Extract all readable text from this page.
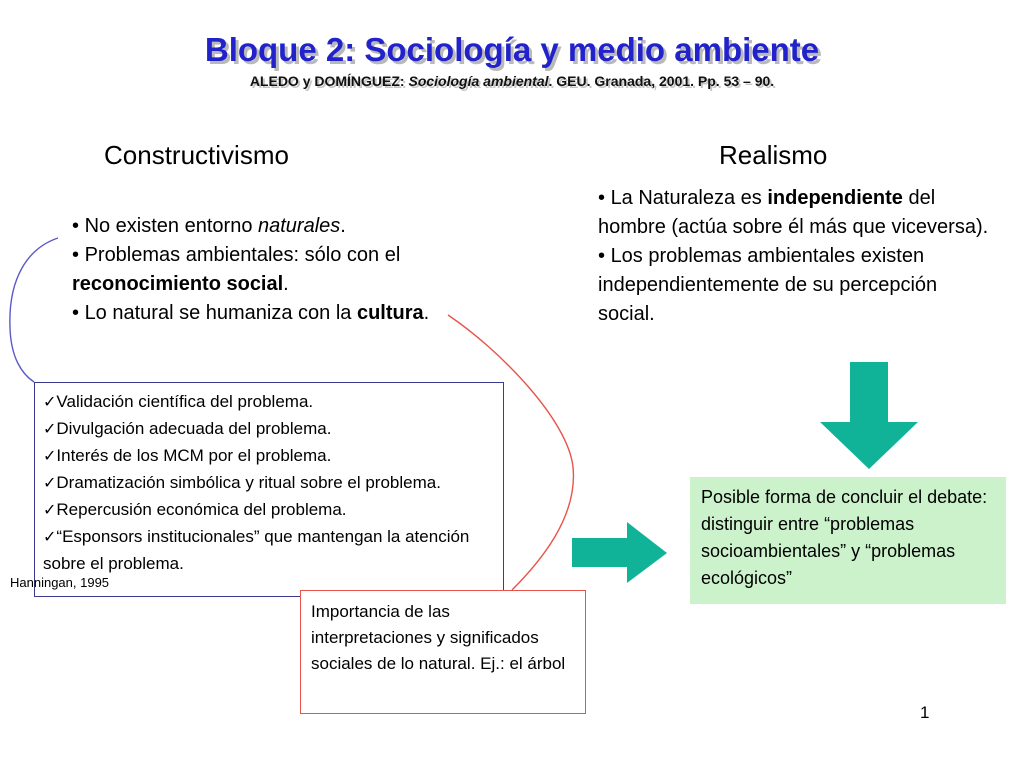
Bloque 2: Sociología y medio ambiente
ALEDO y DOMÍNGUEZ: Sociología ambiental. GEU. Granada, 2001. Pp. 53 – 90.
Constructivismo	Realismo

• No existen entorno naturales.

• Problemas ambientales: sólo con el reconocimiento social.

• Lo natural se humaniza con la cultura.

• La Naturaleza es independiente del hombre (actúa sobre él más que viceversa).

• Los problemas ambientales existen independientemente de su percepción social.

✓Validación científica del problema.

✓Divulgación adecuada del problema.

✓Interés de los MCM por el problema.

✓Dramatización simbólica y ritual sobre el problema.

✓Repercusión económica del problema.

✓“Esponsors institucionales” que mantengan la atención sobre el problema.

Hanningan, 1995
Importancia de las interpretaciones y significados sociales de lo natural. Ej.: el árbol
Posible forma de concluir el debate: distinguir entre “problemas socioambientales” y “problemas ecológicos”
1
